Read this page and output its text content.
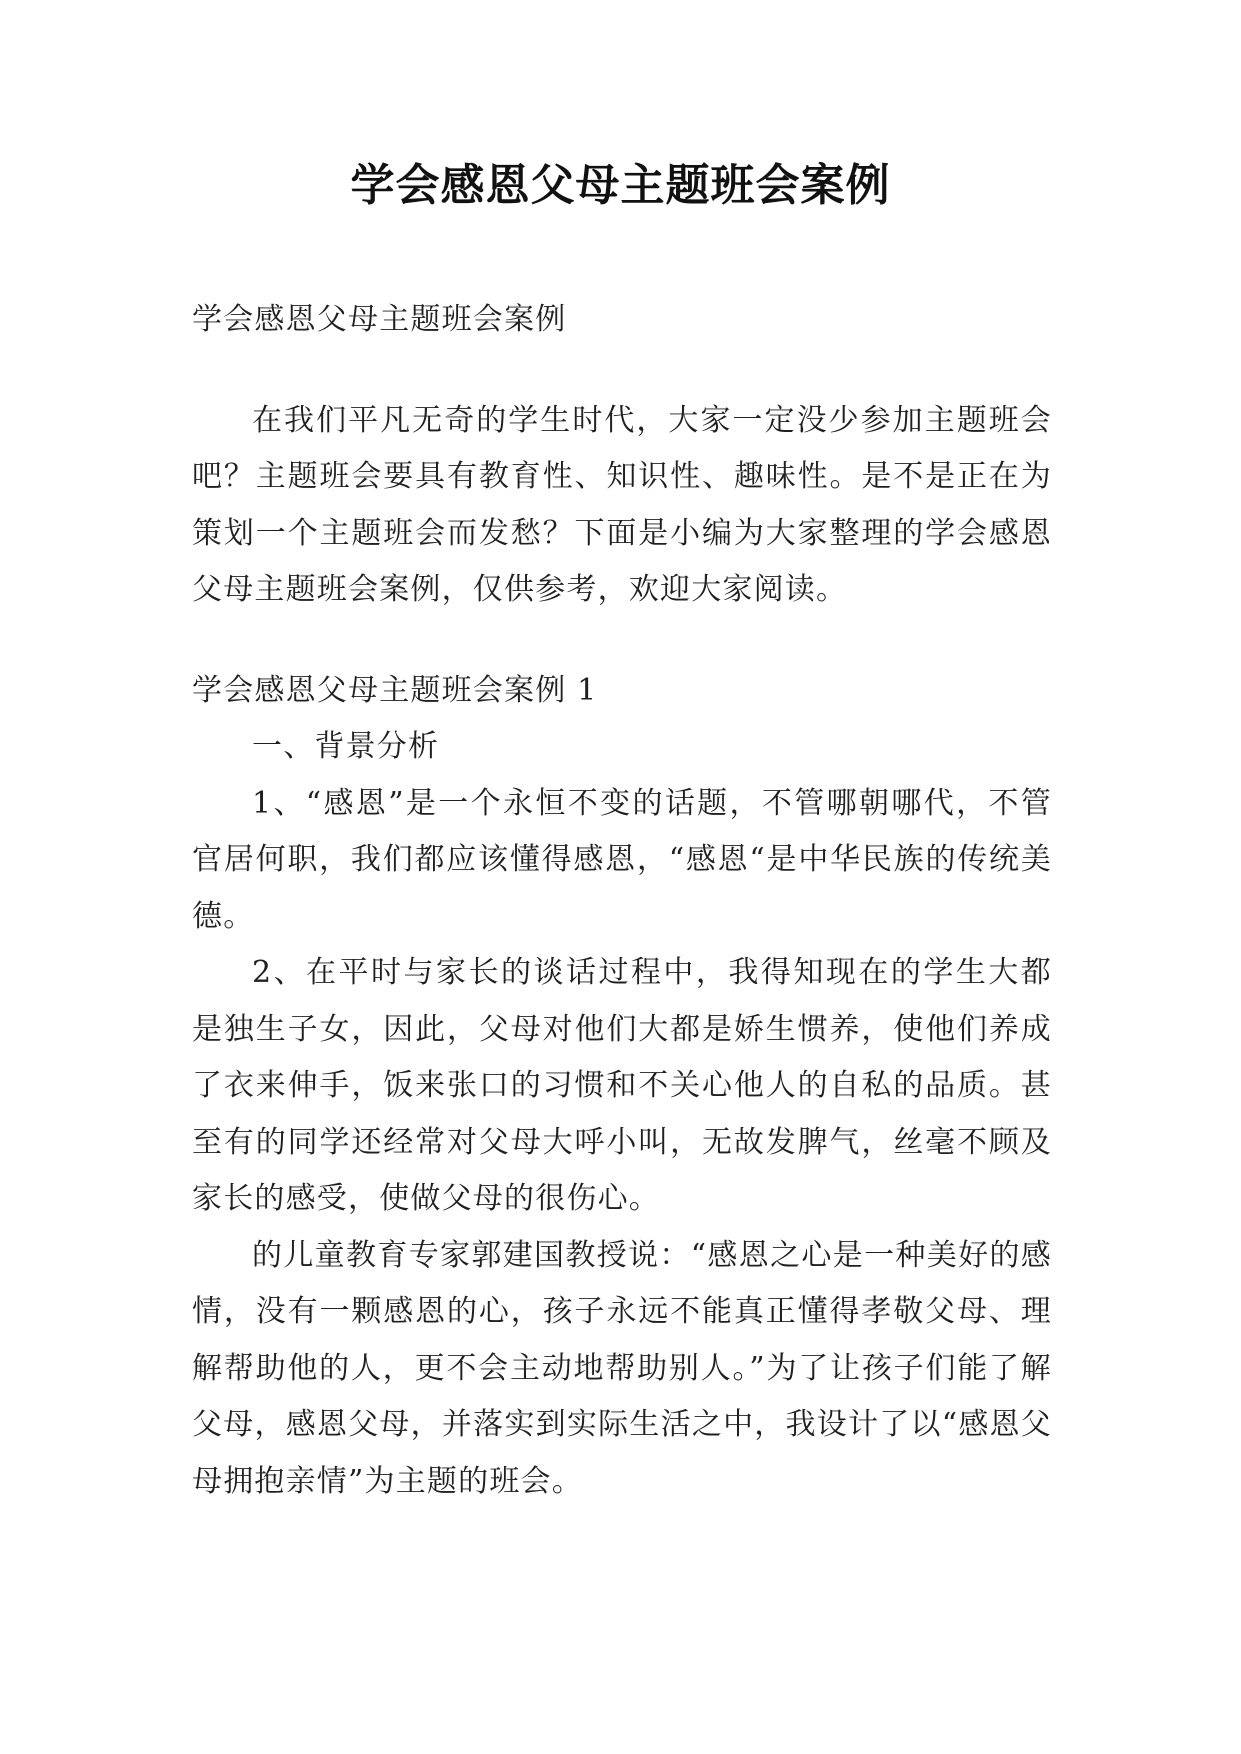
学会感恩父母主题班会案例

学会感恩父母主题班会案例

在我们平凡无奇的学生时代，大家一定没少参加主题班会吧？主题班会要具有教育性、知识性、趣味性。是不是正在为策划一个主题班会而发愁？下面是小编为大家整理的学会感恩父母主题班会案例，仅供参考，欢迎大家阅读。

学会感恩父母主题班会案例 1

一、背景分析

1、“感恩”是一个永恒不变的话题，不管哪朝哪代，不管官居何职，我们都应该懂得感恩，“感恩“是中华民族的传统美德。

2、在平时与家长的谈话过程中，我得知现在的学生大都是独生子女，因此，父母对他们大都是娇生惯养，使他们养成了衣来伸手，饭来张口的习惯和不关心他人的自私的品质。甚至有的同学还经常对父母大呼小叫，无故发脾气，丝毫不顾及家长的感受，使做父母的很伤心。

的儿童教育专家郭建国教授说：“感恩之心是一种美好的感情，没有一颗感恩的心，孩子永远不能真正懂得孝敬父母、理解帮助他的人，更不会主动地帮助别人。”为了让孩子们能了解父母，感恩父母，并落实到实际生活之中，我设计了以“感恩父母拥抱亲情”为主题的班会。
